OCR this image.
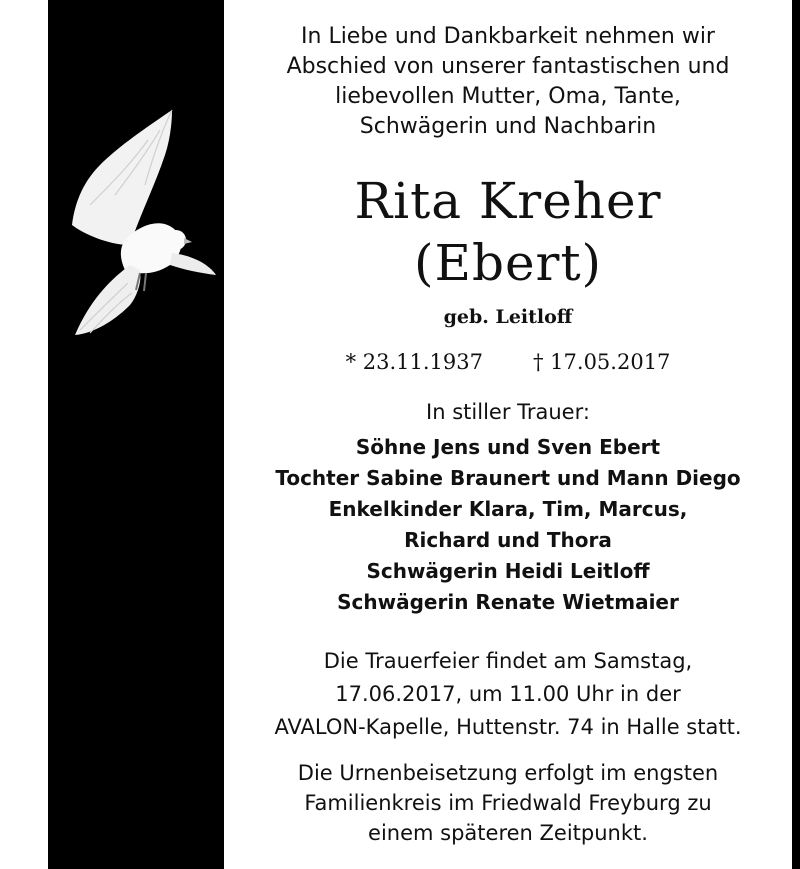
In Liebe und Dankbarkeit nehmen wir
Abschied von unserer fantastischen und
liebevollen Mutter, Oma, Tante,
Schwägerin und Nachbarin
Rita Kreher
(Ebert)
geb. Leitloff
* 23.11.1937 † 17.05.2017
In stiller Trauer:
Söhne Jens und Sven Ebert
Tochter Sabine Braunert und Mann Diego
Enkelkinder Klara, Tim, Marcus,
Richard und Thora
Schwägerin Heidi Leitloff
Schwägerin Renate Wietmaier
Die Trauerfeier findet am Samstag,
17.06.2017, um 11.00 Uhr in der
AVALON-Kapelle, Huttenstr. 74 in Halle statt.
Die Urnenbeisetzung erfolgt im engsten
Familienkreis im Friedwald Freyburg zu
einem späteren Zeitpunkt.
